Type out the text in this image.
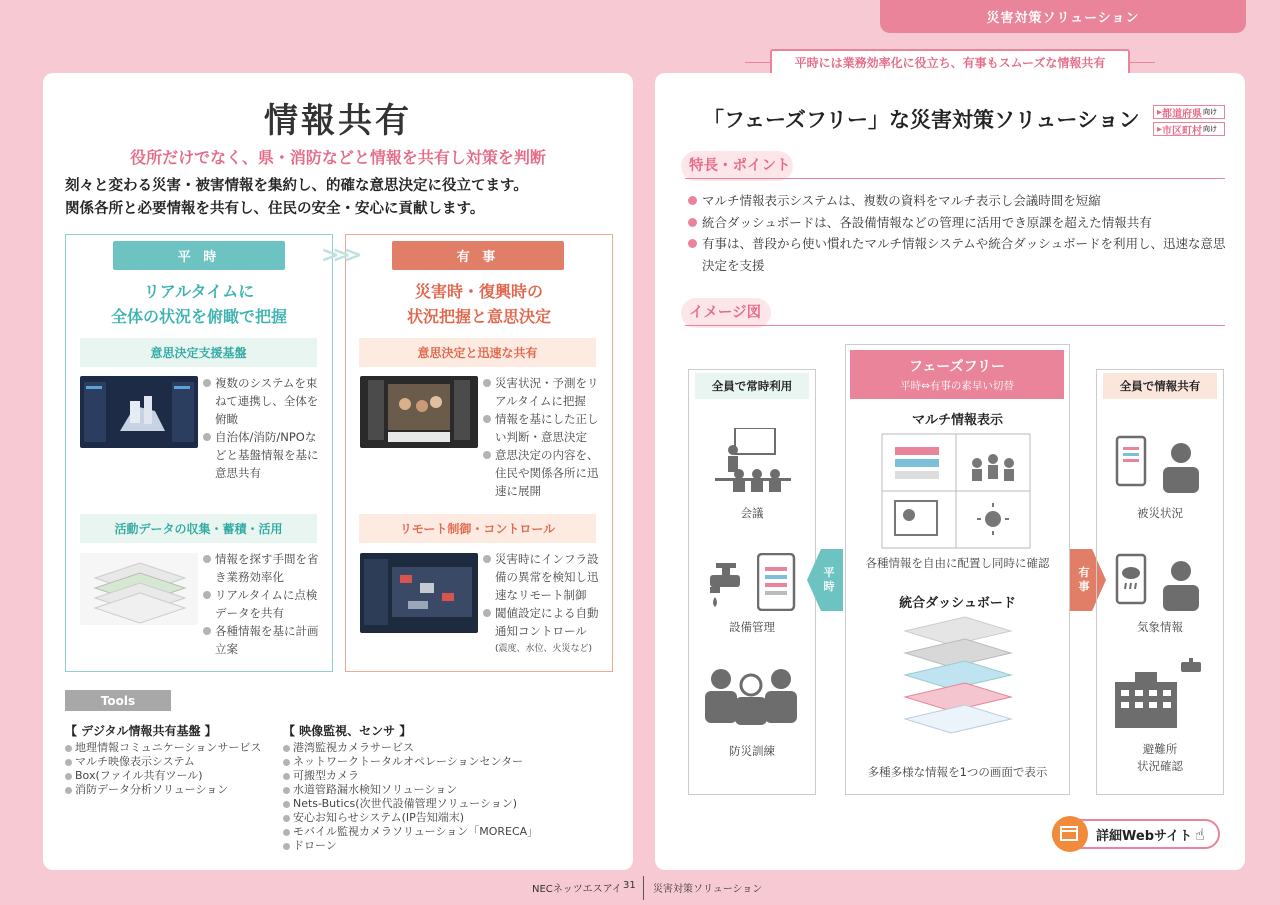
災害対策ソリューション
平時には業務効率化に役立ち、有事もスムーズな情報共有
情報共有
役所だけでなく、県・消防などと情報を共有し対策を判断
刻々と変わる災害・被害情報を集約し、的確な意思決定に役立てます。
関係各所と必要情報を共有し、住民の安全・安心に貢献します。
平 時	有 事
>>>
リアルタイムに
全体の状況を俯瞰で把握
災害時・復興時の
状況把握と意思決定
意思決定支援基盤
複数のシステムを束ねて連携し、全体を俯瞰
自治体/消防/NPOなどと基盤情報を基に意思共有
活動データの収集・蓄積・活用
情報を探す手間を省き業務効率化
リアルタイムに点検データを共有
各種情報を基に計画立案
意思決定と迅速な共有
災害状況・予測をリアルタイムに把握
情報を基にした正しい判断・意思決定
意思決定の内容を、住民や関係各所に迅速に展開
リモート制御・コントロール
災害時にインフラ設備の異常を検知し迅速なリモート制御
閾値設定による自動通知コントロール
(震度、水位、火災など)
Tools
【 デジタル情報共有基盤 】
地理情報コミュニケーションサービス
マルチ映像表示システム
Box(ファイル共有ツール)
消防データ分析ソリューション
【 映像監視、センサ 】
港湾監視カメラサービス
ネットワークトータルオペレーションセンター
可搬型カメラ
水道管路漏水検知ソリューション
Nets-Butics(次世代設備管理ソリューション)
安心お知らせシステム(IP告知端末)
モバイル監視カメラソリューション「MORECA」
ドローン
「フェーズフリー」な災害対策ソリューション	▸ 都道府県 向け
▸ 市区町村 向け
特長・ポイント
マルチ情報表示システムは、複数の資料をマルチ表示し会議時間を短縮
統合ダッシュボードは、各設備情報などの管理に活用でき原課を超えた情報共有
有事は、普段から使い慣れたマルチ情報システムや統合ダッシュボードを利用し、迅速な意思決定を支援
イメージ図
全員で常時利用
会議
設備管理
防災訓練
フェーズフリー
平時⇔有事の素早い切替
マルチ情報表示
各種情報を自由に配置し同時に確認
統合ダッシュボード
多種多様な情報を1つの画面で表示
平
時
有
事
全員で情報共有
被災状況
気象情報
避難所
状況確認
詳細Webサイト ☝
NECネッツエスアイ 31 災害対策ソリューション
